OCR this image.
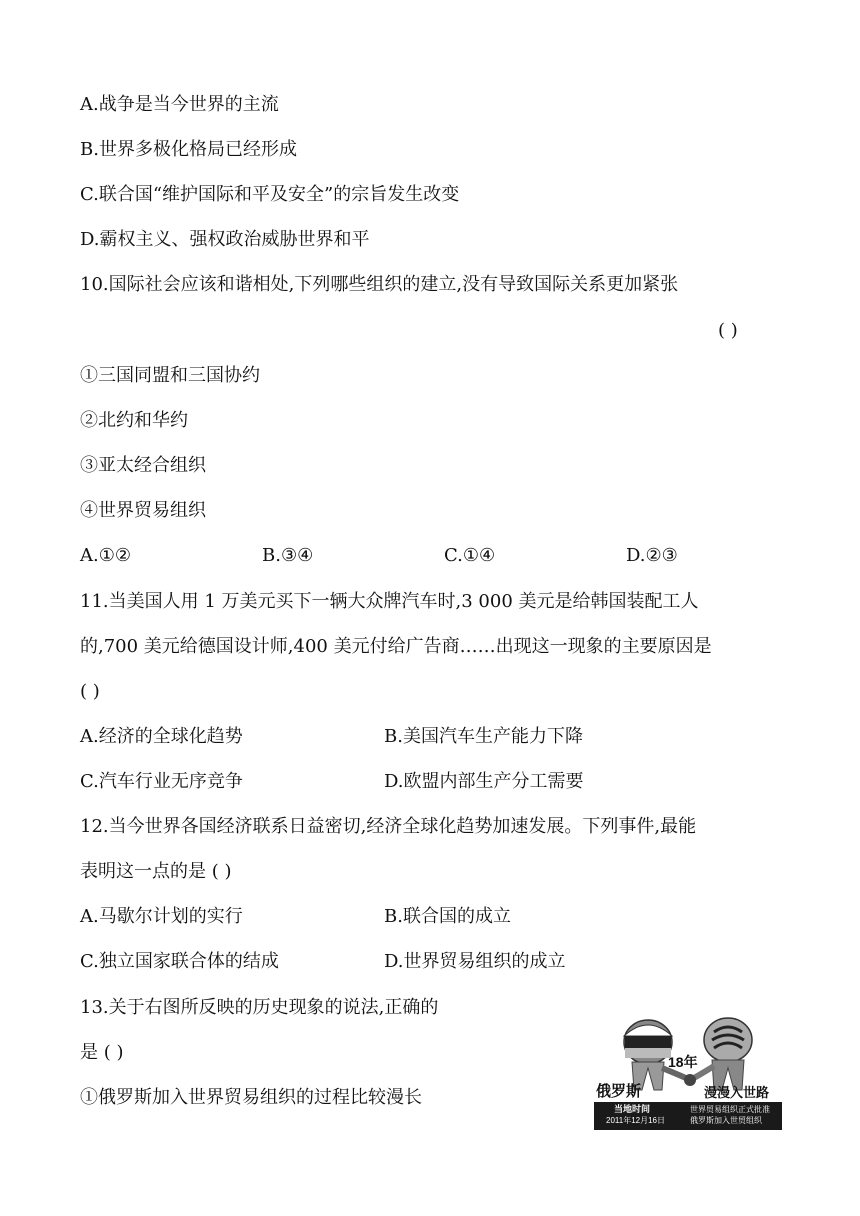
A.战争是当今世界的主流
B.世界多极化格局已经形成
C.联合国“维护国际和平及安全”的宗旨发生改变
D.霸权主义、强权政治威胁世界和平
10.国际社会应该和谐相处,下列哪些组织的建立,没有导致国际关系更加紧张
( )
①三国同盟和三国协约
②北约和华约
③亚太经合组织
④世界贸易组织
A.①②	B.③④	C.①④	D.②③
11.当美国人用 1 万美元买下一辆大众牌汽车时,3 000 美元是给韩国装配工人
的,700 美元给德国设计师,400 美元付给广告商……出现这一现象的主要原因是
( )
A.经济的全球化趋势	B.美国汽车生产能力下降
C.汽车行业无序竞争	D.欧盟内部生产分工需要
12.当今世界各国经济联系日益密切,经济全球化趋势加速发展。下列事件,最能
表明这一点的是 ( )
A.马歇尔计划的实行	B.联合国的成立
C.独立国家联合体的结成	D.世界贸易组织的成立
13.关于右图所反映的历史现象的说法,正确的
是 ( )
①俄罗斯加入世界贸易组织的过程比较漫长
18年
俄罗斯	漫漫入世路
当地时间
2011年12月16日
世界贸易组织正式批准
俄罗斯加入世贸组织
